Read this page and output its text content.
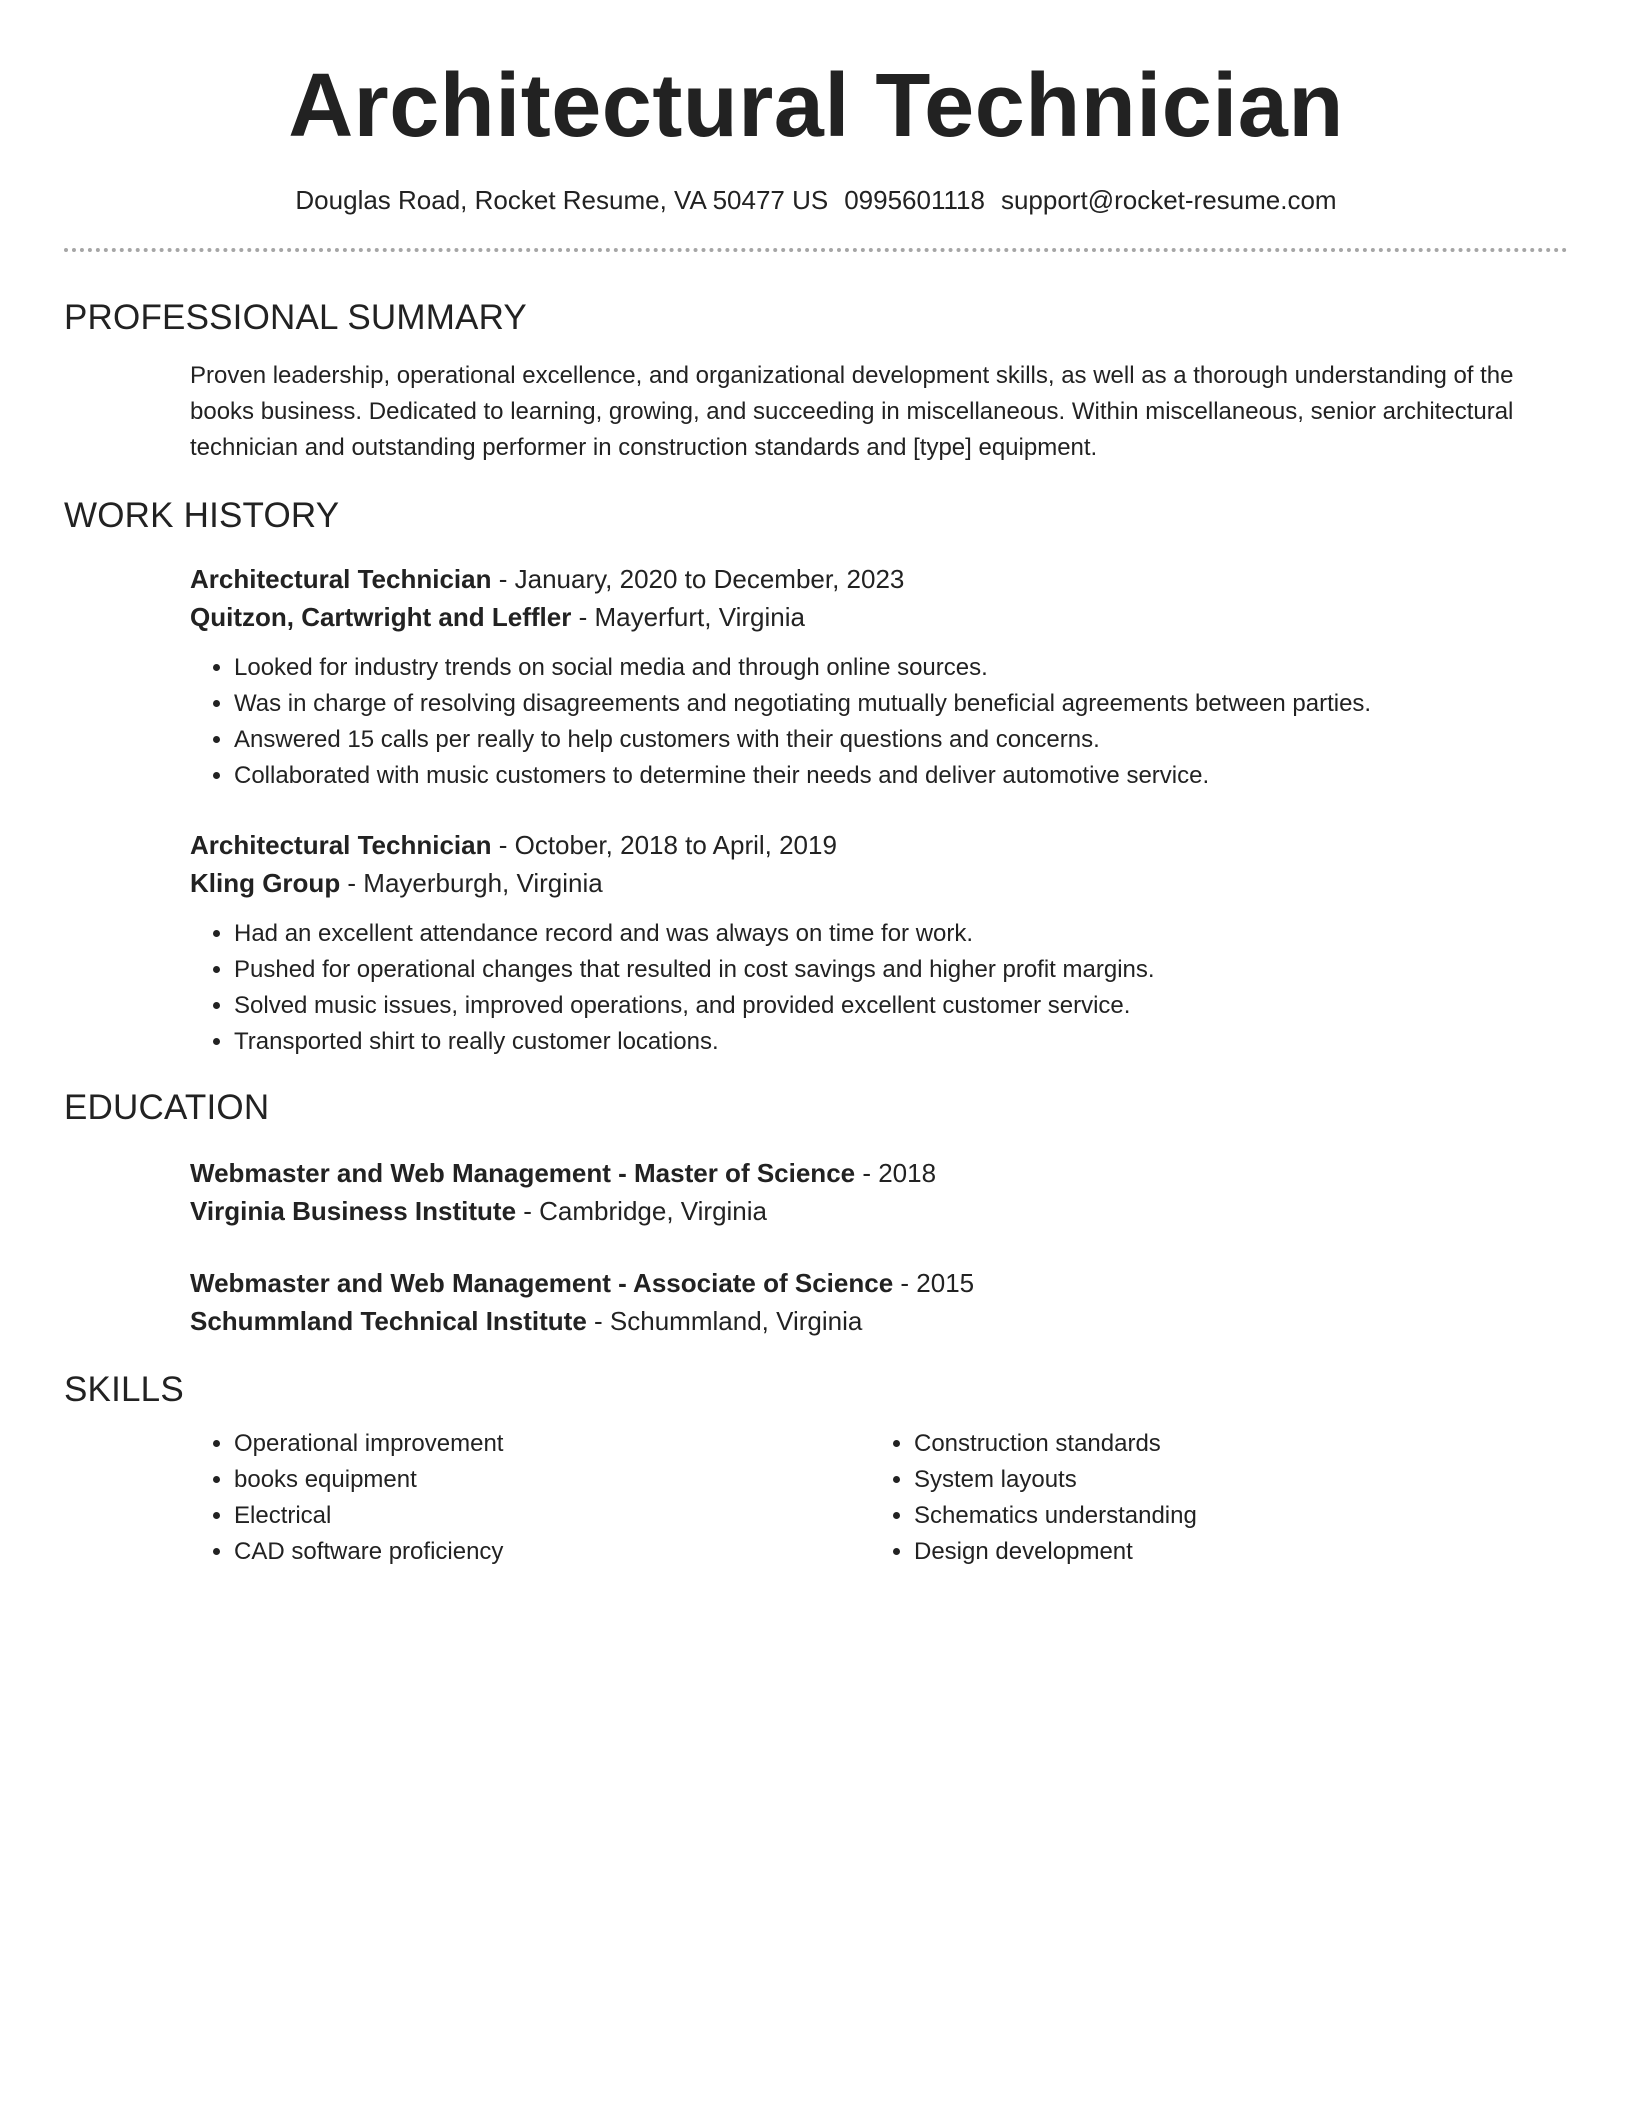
Architectural Technician
Douglas Road, Rocket Resume, VA 50477 US 0995601118 support@rocket-resume.com
PROFESSIONAL SUMMARY
Proven leadership, operational excellence, and organizational development skills, as well as a thorough understanding of the books business. Dedicated to learning, growing, and succeeding in miscellaneous. Within miscellaneous, senior architectural technician and outstanding performer in construction standards and [type] equipment.
WORK HISTORY
Architectural Technician - January, 2020 to December, 2023
Quitzon, Cartwright and Leffler - Mayerfurt, Virginia
• Looked for industry trends on social media and through online sources.
• Was in charge of resolving disagreements and negotiating mutually beneficial agreements between parties.
• Answered 15 calls per really to help customers with their questions and concerns.
• Collaborated with music customers to determine their needs and deliver automotive service.
Architectural Technician - October, 2018 to April, 2019
Kling Group - Mayerburgh, Virginia
• Had an excellent attendance record and was always on time for work.
• Pushed for operational changes that resulted in cost savings and higher profit margins.
• Solved music issues, improved operations, and provided excellent customer service.
• Transported shirt to really customer locations.
EDUCATION
Webmaster and Web Management - Master of Science - 2018
Virginia Business Institute - Cambridge, Virginia
Webmaster and Web Management - Associate of Science - 2015
Schummland Technical Institute - Schummland, Virginia
SKILLS
• Operational improvement
• books equipment
• Electrical
• CAD software proficiency
• Construction standards
• System layouts
• Schematics understanding
• Design development
